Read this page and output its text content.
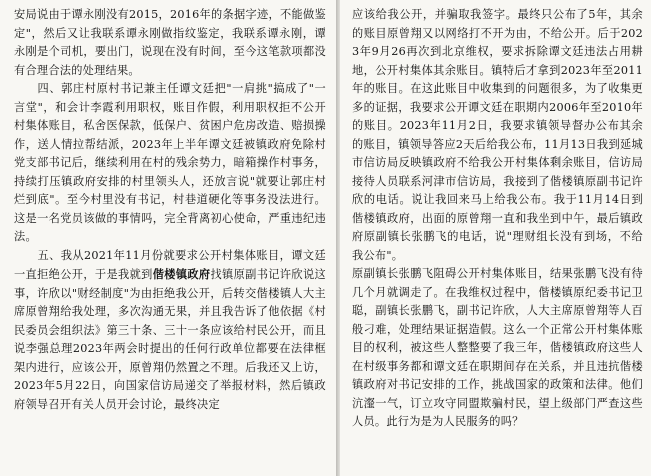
安局说由于谭永刚没有2015，2016年的条据字迹，不能做鉴定"，然后又让我联系谭永刚做指纹鉴定，我联系谭永刚，谭永刚是个司机，要出门，说现在没有时间，至今这笔款项都没有合理合法的处理结果。

四、郭庄村原村书记兼主任谭文廷把"一肩挑"搞成了"一言堂"，和会计李霞利用职权，账目作假，利用职权拒不公开村集体账目，私舍医保款，低保户、贫困户危房改造、赔损操作，送人情拉帮结派，2023年上半年谭文廷被镇政府免除村党支部书记后，继续利用在村的残余势力，暗箱操作村事务，持续打压镇政府安排的村里领头人，还放言说"就要让郭庄村烂到底"。至今村里没有书记，村巷道硬化等事务没法进行。这是一名党员该做的事情吗，完全背离初心使命，严重违纪违法。

五、我从2021年11月份就要求公开村集体账目，谭文廷一直拒绝公开，于是我就到偕楼镇政府找镇原副书记许欣说这事，许欣以"财经制度"为由拒绝我公开，后转交偕楼镇人大主席原曾翔给我处理，多次沟通无果，并且我告诉了他依据《村民委员会组织法》第三十条、三十一条应该给村民公开，而且说李强总理2023年两会时提出的任何行政单位都要在法律框架内进行，应该公开，原曾翔仍然置之不理。后我还又上访，2023年5月22日，向国家信访局递交了举报材料，然后镇政府领导召开有关人员开会讨论，最终决定

应该给我公开，并骗取我签字。最终只公布了5年，其余的账目原曾翔又以网络打不开为由，不给公开。后于2023年9月26再次到北京维权，要求拆除谭文廷违法占用耕地，公开村集体其余账目。镇特后才拿到2023年至2011年的账目。在这此账目中收集到的问题很多，为了收集更多的证据，我要求公开谭文廷在职期内2006年至2010年的账目。2023年11月2日，我要求镇领导督办公布其余的账目，镇领导答应2天后给我公布，11月13日我到延城市信访局反映镇政府不给我公开村集体剩余账目，信访局接待人员联系河津市信访局，我接到了偕楼镇原副书记许欣的电话。说让我回来马上给我公布。我于11月14日到偕楼镇政府，出面的原曾翔一直和我坐到中午，最后镇政府原副镇长张鹏飞的电话，说"理财组长没有到场，不给我公布"。

原副镇长张鹏飞阻碍公开村集体账目，结果张鹏飞没有待几个月就调走了。在我维权过程中，偕楼镇原纪委书记卫聪，副镇长张鹏飞，副书记许欣，人大主席原曾翔等人百般刁难，处理结果证据造假。这么一个正常公开村集体账目的权利，被这些人整整要了我三年，偕楼镇政府这些人在村级事务都和谭文廷在职期间存在关系，并且违抗偕楼镇政府对书记安排的工作，挑战国家的政策和法律。他们沆瀣一气，订立攻守同盟欺骗村民，望上级部门严查这些人员。此行为是为人民服务的吗？
